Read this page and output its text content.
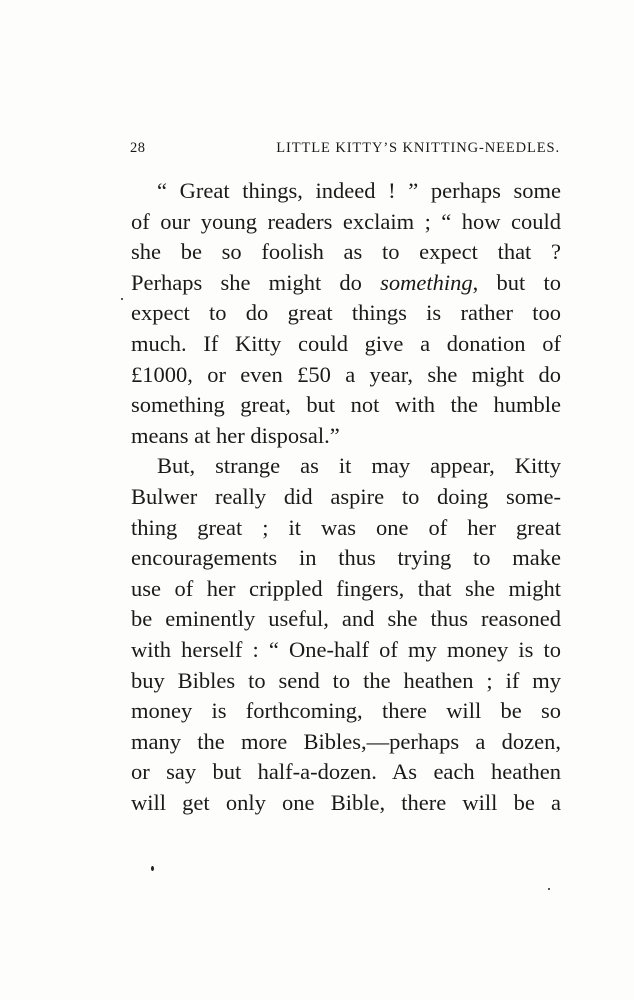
28	LITTLE KITTY’S KNITTING-NEEDLES.

“ Great things, indeed ! ” perhaps some
of our young readers exclaim ; “ how could
she be so foolish as to expect that ?
Perhaps she might do something, but to
expect to do great things is rather too
much. If Kitty could give a donation of
£1000, or even £50 a year, she might do
something great, but not with the humble
means at her disposal.”

But, strange as it may appear, Kitty
Bulwer really did aspire to doing some-
thing great ; it was one of her great
encouragements in thus trying to make
use of her crippled fingers, that she might
be eminently useful, and she thus reasoned
with herself : “ One-half of my money is to
buy Bibles to send to the heathen ; if my
money is forthcoming, there will be so
many the more Bibles,—perhaps a dozen,
or say but half-a-dozen. As each heathen
will get only one Bible, there will be a
